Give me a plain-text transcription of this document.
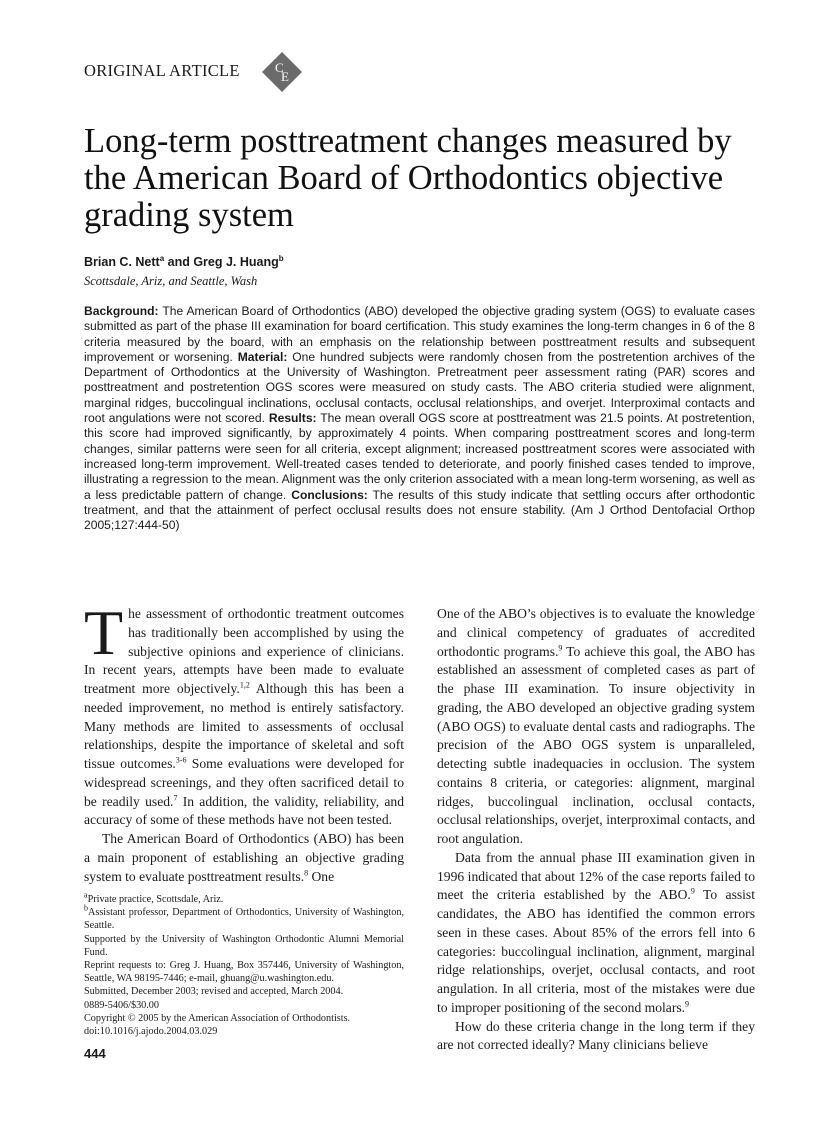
ORIGINAL ARTICLE	C
E
Long-term posttreatment changes measured by the American Board of Orthodontics objective grading system
Brian C. Nett$^a$ and Greg J. Huang$^b$
Scottsdale, Ariz, and Seattle, Wash
Background: The American Board of Orthodontics (ABO) developed the objective grading system (OGS) to evaluate cases submitted as part of the phase III examination for board certification. This study examines the long-term changes in 6 of the 8 criteria measured by the board, with an emphasis on the relationship between posttreatment results and subsequent improvement or worsening. Material: One hundred subjects were randomly chosen from the postretention archives of the Department of Orthodontics at the University of Washington. Pretreatment peer assessment rating (PAR) scores and posttreatment and postretention OGS scores were measured on study casts. The ABO criteria studied were alignment, marginal ridges, buccolingual inclinations, occlusal contacts, occlusal relationships, and overjet. Interproximal contacts and root angulations were not scored. Results: The mean overall OGS score at posttreatment was 21.5 points. At postretention, this score had improved significantly, by approximately 4 points. When comparing posttreatment scores and long-term changes, similar patterns were seen for all criteria, except alignment; increased posttreatment scores were associated with increased long-term improvement. Well-treated cases tended to deteriorate, and poorly finished cases tended to improve, illustrating a regression to the mean. Alignment was the only criterion associated with a mean long-term worsening, as well as a less predictable pattern of change. Conclusions: The results of this study indicate that settling occurs after orthodontic treatment, and that the attainment of perfect occlusal results does not ensure stability. (Am J Orthod Dentofacial Orthop 2005;127:444-50)

The assessment of orthodontic treatment outcomes has traditionally been accomplished by using the subjective opinions and experience of clinicians. In recent years, attempts have been made to evaluate treatment more objectively.$^{1,2}$ Although this has been a needed improvement, no method is entirely satisfactory. Many methods are limited to assessments of occlusal relationships, despite the importance of skeletal and soft tissue outcomes.$^{3-6}$ Some evaluations were developed for widespread screenings, and they often sacrificed detail to be readily used.$^7$ In addition, the validity, reliability, and accuracy of some of these methods have not been tested.

The American Board of Orthodontics (ABO) has been a main proponent of establishing an objective grading system to evaluate posttreatment results.$^8$ One

One of the ABO’s objectives is to evaluate the knowledge and clinical competency of graduates of accredited orthodontic programs.$^9$ To achieve this goal, the ABO has established an assessment of completed cases as part of the phase III examination. To insure objectivity in grading, the ABO developed an objective grading system (ABO OGS) to evaluate dental casts and radiographs. The precision of the ABO OGS system is unparalleled, detecting subtle inadequacies in occlusion. The system contains 8 criteria, or categories: alignment, marginal ridges, buccolingual inclination, occlusal contacts, occlusal relationships, overjet, interproximal contacts, and root angulation.

Data from the annual phase III examination given in 1996 indicated that about 12% of the case reports failed to meet the criteria established by the ABO.$^9$ To assist candidates, the ABO has identified the common errors seen in these cases. About 85% of the errors fell into 6 categories: buccolingual inclination, alignment, marginal ridge relationships, overjet, occlusal contacts, and root angulation. In all criteria, most of the mistakes were due to improper positioning of the second molars.$^9$

How do these criteria change in the long term if they are not corrected ideally? Many clinicians believe

$^a$Private practice, Scottsdale, Ariz.
$^b$Assistant professor, Department of Orthodontics, University of Washington, Seattle.
Supported by the University of Washington Orthodontic Alumni Memorial Fund.
Reprint requests to: Greg J. Huang, Box 357446, University of Washington, Seattle, WA 98195-7446; e-mail, ghuang@u.washington.edu.
Submitted, December 2003; revised and accepted, March 2004.
0889-5406/$30.00
Copyright © 2005 by the American Association of Orthodontists.
doi:10.1016/j.ajodo.2004.03.029
444
